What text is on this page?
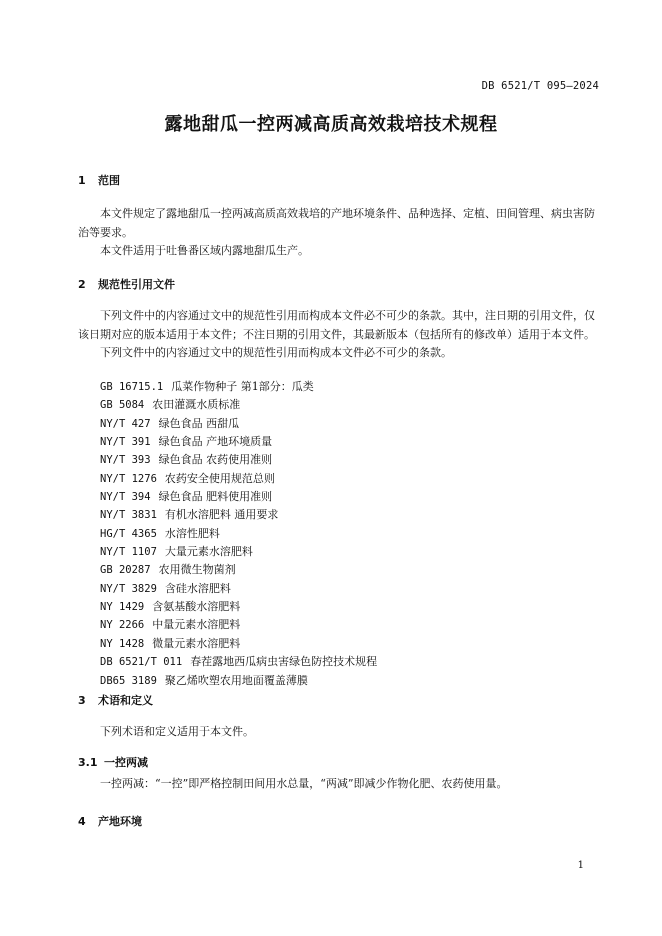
DB 6521/T 095—2024
露地甜瓜一控两减高质高效栽培技术规程
1 范围

本文件规定了露地甜瓜一控两减高质高效栽培的产地环境条件、品种选择、定植、田间管理、病虫害防治等要求。

本文件适用于吐鲁番区域内露地甜瓜生产。

2 规范性引用文件

下列文件中的内容通过文中的规范性引用而构成本文件必不可少的条款。其中，注日期的引用文件，仅该日期对应的版本适用于本文件；不注日期的引用文件，其最新版本（包括所有的修改单）适用于本文件。

下列文件中的内容通过文中的规范性引用而构成本文件必不可少的条款。

GB 16715.1 瓜菜作物种子 第1部分：瓜类
GB 5084 农田灌溉水质标准
NY/T 427 绿色食品 西甜瓜
NY/T 391 绿色食品 产地环境质量
NY/T 393 绿色食品 农药使用准则
NY/T 1276 农药安全使用规范总则
NY/T 394 绿色食品 肥料使用准则
NY/T 3831 有机水溶肥料 通用要求
HG/T 4365 水溶性肥料
NY/T 1107 大量元素水溶肥料
GB 20287 农用微生物菌剂
NY/T 3829 含硅水溶肥料
NY 1429 含氨基酸水溶肥料
NY 2266 中量元素水溶肥料
NY 1428 微量元素水溶肥料
DB 6521/T 011 春茬露地西瓜病虫害绿色防控技术规程
DB65 3189 聚乙烯吹塑农用地面覆盖薄膜
3 术语和定义

下列术语和定义适用于本文件。

3.1 一控两减

一控两减：“一控”即严格控制田间用水总量，“两减”即减少作物化肥、农药使用量。

4 产地环境
1
